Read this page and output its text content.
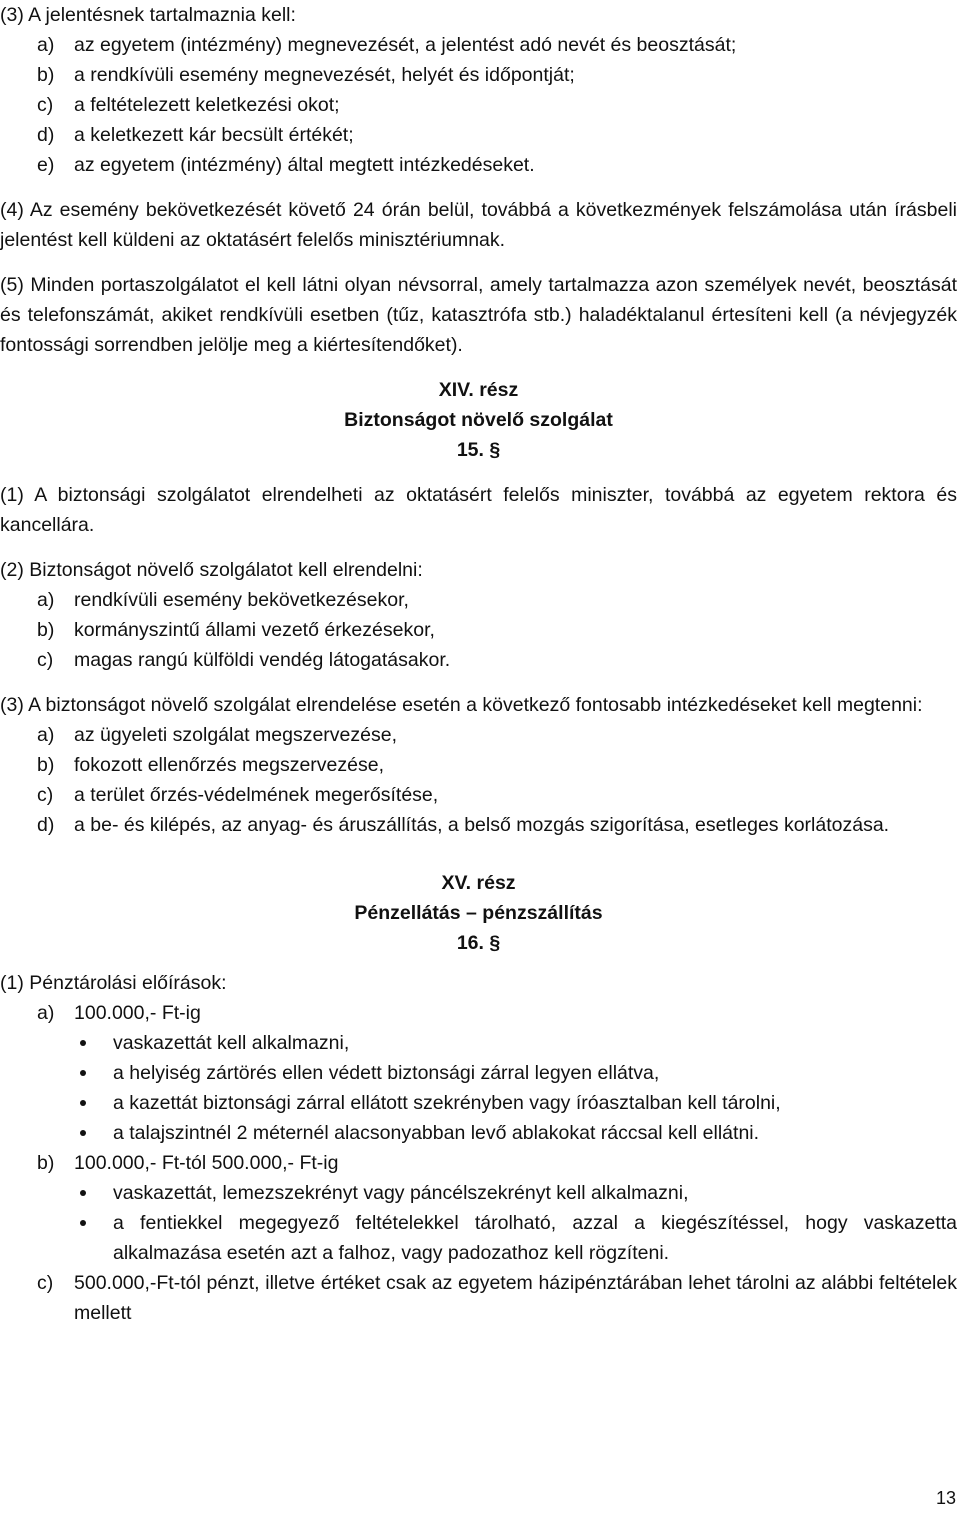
(3) A jelentésnek tartalmaznia kell:

a)	az egyetem (intézmény) megnevezését, a jelentést adó nevét és beosztását;
b)	a rendkívüli esemény megnevezését, helyét és időpontját;
c)	a feltételezett keletkezési okot;
d)	a keletkezett kár becsült értékét;
e)	az egyetem (intézmény) által megtett intézkedéseket.

(4) Az esemény bekövetkezését követő 24 órán belül, továbbá a következmények felszámolása után írásbeli jelentést kell küldeni az oktatásért felelős minisztériumnak.

(5) Minden portaszolgálatot el kell látni olyan névsorral, amely tartalmazza azon személyek nevét, beosztását és telefonszámát, akiket rendkívüli esetben (tűz, katasztrófa stb.) haladéktalanul értesíteni kell (a névjegyzék fontossági sorrendben jelölje meg a kiértesítendőket).

XIV. rész

Biztonságot növelő szolgálat

15. §

(1) A biztonsági szolgálatot elrendelheti az oktatásért felelős miniszter, továbbá az egyetem rektora és kancellára.

(2) Biztonságot növelő szolgálatot kell elrendelni:

a)	rendkívüli esemény bekövetkezésekor,
b)	kormányszintű állami vezető érkezésekor,
c)	magas rangú külföldi vendég látogatásakor.

(3) A biztonságot növelő szolgálat elrendelése esetén a következő fontosabb intézkedéseket kell megtenni:

a)	az ügyeleti szolgálat megszervezése,
b)	fokozott ellenőrzés megszervezése,
c)	a terület őrzés-védelmének megerősítése,
d)	a be- és kilépés, az anyag- és áruszállítás, a belső mozgás szigorítása, esetleges korlátozása.

XV. rész

Pénzellátás – pénzszállítás

16. §

(1) Pénztárolási előírások:

a)	100.000,- Ft-ig
vaskazettát kell alkalmazni,
a helyiség zártörés ellen védett biztonsági zárral legyen ellátva,
a kazettát biztonsági zárral ellátott szekrényben vagy íróasztalban kell tárolni,
a talajszintnél 2 méternél alacsonyabban levő ablakokat ráccsal kell ellátni.
b)	100.000,- Ft-tól 500.000,- Ft-ig
vaskazettát, lemezszekrényt vagy páncélszekrényt kell alkalmazni,
a fentiekkel megegyező feltételekkel tárolható, azzal a kiegészítéssel, hogy vaskazetta alkalmazása esetén azt a falhoz, vagy padozathoz kell rögzíteni.
c)	500.000,-Ft-tól pénzt, illetve értéket csak az egyetem házipénztárában lehet tárolni az alábbi feltételek mellett
13
